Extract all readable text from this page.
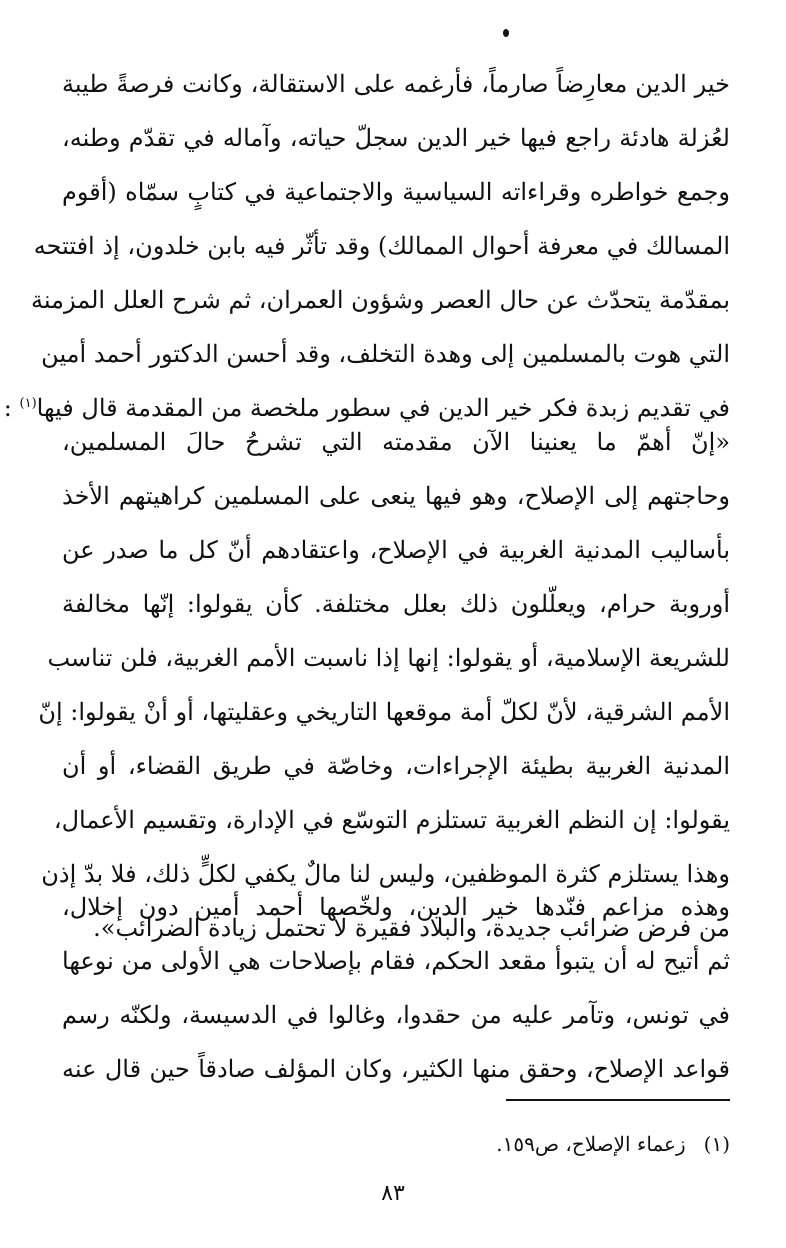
خير الدين معارِضاً صارماً، فأرغمه على الاستقالة، وكانت فرصةً طيبة
لعُزلة هادئة راجع فيها خير الدين سجلّ حياته، وآماله في تقدّم وطنه،
وجمع خواطره وقراءاته السياسية والاجتماعية في كتابٍ سمّاه (أقوم
المسالك في معرفة أحوال الممالك) وقد تأثّر فيه بابن خلدون، إذ افتتحه
بمقدّمة يتحدّث عن حال العصر وشؤون العمران، ثم شرح العلل المزمنة
التي هوت بالمسلمين إلى وهدة التخلف، وقد أحسن الدكتور أحمد أمين
في تقديم زبدة فكر خير الدين في سطور ملخصة من المقدمة قال فيها$^{(١)}$ :
«إنّ أهمّ ما يعنينا الآن مقدمته التي تشرحُ حالَ المسلمين،
وحاجتهم إلى الإصلاح، وهو فيها ينعى على المسلمين كراهيتهم الأخذ
بأساليب المدنية الغربية في الإصلاح، واعتقادهم أنّ كل ما صدر عن
أوروبة حرام، ويعلّلون ذلك بعلل مختلفة. كأن يقولوا: إنّها مخالفة
للشريعة الإسلامية، أو يقولوا: إنها إذا ناسبت الأمم الغربية، فلن تناسب
الأمم الشرقية، لأنّ لكلّ أمة موقعها التاريخي وعقليتها، أو أنْ يقولوا: إنّ
المدنية الغربية بطيئة الإجراءات، وخاصّة في طريق القضاء، أو أن
يقولوا: إن النظم الغربية تستلزم التوسّع في الإدارة، وتقسيم الأعمال،
وهذا يستلزم كثرة الموظفين، وليس لنا مالٌ يكفي لكلٍّ ذلك، فلا بدّ إذن
من فرض ضرائب جديدة، والبلاد فقيرة لا تحتمل زيادة الضرائب».
وهذه مزاعم فنّدها خير الدين، ولخّصها أحمد أمين دون إخلال،
ثم أتيح له أن يتبوأ مقعد الحكم، فقام بإصلاحات هي الأولى من نوعها
في تونس، وتآمر عليه من حقدوا، وغالوا في الدسيسة، ولكنّه رسم
قواعد الإصلاح، وحقق منها الكثير، وكان المؤلف صادقاً حين قال عنه
(١)زعماء الإصلاح، ص١٥٩.
٨٣
